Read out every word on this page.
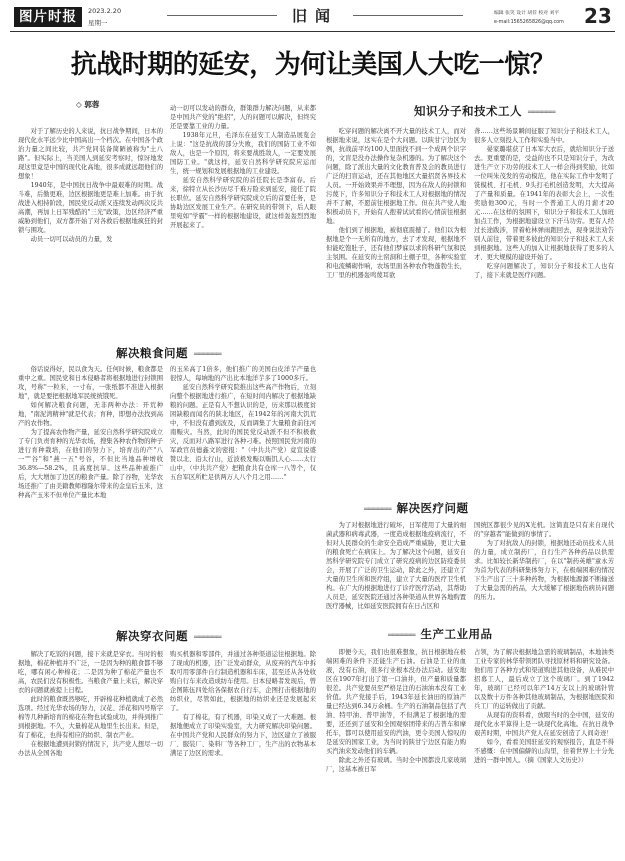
图片时报	2023.2.20
星期一	旧闻	编辑 张笑 设计 胡荐 校对 刘平
e-mail:1565265826@qq.com 23
抗战时期的延安，为何让美国人大吃一惊？
◇ 郭蓉

对于了解历史的人来说，抗日战争期间，日本的现代化水平远少比中国高出一个档次。在中国各个政治力量之间比较，共产党同装备简陋被称为"土八路"。但实际上，当美国人到延安考察时，惊讶地发现这里竟是中国的现代化高地，很多成就远超他们的想象！

1940年，是中国抗日战争中最艰难的时期。战斗难，后勤更难，边区根据地更是难上加难。由于抗战进入相持阶段，国民党反动派又连续发动两次反共高潮，再加上日军残酷的"三光"政策，边区经济严重威胁到他们，双方都开始了对各救后根据地疯狂的封锁与围攻。

动员一切可以动员的力量，发

动一切可以发动的群众，群策群力解决问题，从来都是中国共产党的"绝招"，人的问题可以解决，但终究还是要靠工业的力量。

1938年元旦，毛泽东在延安工人制造品展览会上说："这是抗战的部分失败，我们的国防工业不如敌人，也是一个原因，将来要战胜敌人，一定要发展国防工业。"就这样，延安自然科学研究院应运而生，统一规划和发展根据地的工业建设。

延安自然科学研究院的首任院长是李富春。后来，徐特立从长沙历尽千难万险来到延安，接任了院长职位。延安自然科学研究院成立后的首要任务，是协助边区发展工业生产。在研究员的带领下，后人眼里宛如"学霸"一样的根据地建设，就这样轰轰烈烈地开展起来了。

解决粮食问题 ══════

俗话说得好，民以食为天。任何时候，粮食都是重中之重。国民党和日本侵略者将根据地进行封锁围攻，号称"一粒米，一寸布，一张纸都不准进入根据地"，就是要把根据地军民统统饿死。

如何解决粮食问题，无非两种办法：开荒种地，"南泥湾精神"就是代表；育种，即想办法找到高产的农作物。

为了提高农作物产量，延安自然科学研究院成立了专门负责育种的光华农场，搜集各种农作物的种子进行育种栽培，在他们的努力下，培育出的产"八一""谷"和"燕一五"号谷，不但比当地品种增收36.8%—58.2%，且高度抗旱。这些品种被推广后，大大增加了边区的粮食产量。除了谷物，光华农场还推广了由美籍教师穆隆尔带来的金皇后玉米，这种高产玉米不但单位产量比本地

的玉米高了1倍多，他们推广的美国白皮洋芋产量也很惊人，每垧地的产出比本地洋芋多了1000多斤。

延安自然科学研究院推出这些高产作物后，立刻向整个根据地进行推广，在短时间内解决了根据地缺粮的问题。正是有人不想认识的是，历来那以极度贫困缺粮而闻名的陕北地区，在1942年的河南大饥荒中，不但没有遭到波及，反而调集了大量粮食前往河南赈灾。当然，此时的国民党反动派不但不积极救灾，反而对八路军进行各种刁难。按照国民党河南的军政官员德鑫文的密报："（中共共产党）竟宣说盛赞以北、沿太行山，近波极发赈以赈饥人心……太行山中，（中共共产党）把粮食共有仓库一八等个，仅五台军区所贮足供两万人八个月之用……"

解决穿衣问题 ══════

解决了吃饭的问题，接下来就是穿衣。当时的根据地，棉花种植并不广泛，一是因为种的粮食都不够吃，哪有闲心种棉花；二是因为种了棉花产量也不高，农民们没有积极性。当粮食产量上来后，解决穿衣的问题就被提上日程。

此时的粮食既然够吃，开辟棉花种植就成了必然选项。经过光华农场的努力，汉花、洋花和四号斯字棉等几种新培育的棉花在物也试验成功，并得到推广到根据地。不久，大量棉花从地里生长出来。但是，有了棉花，也得有相应的纺织、制衣产业。

在根据地遭到封锁的情况下，共产党人想尽一切办法从全国各地

购买机器和零部件，并通过各种渠道运往根据地。除了现成的机器，还广泛发动群众，从废弃的汽车中拆取可用零部件自行制造机器和车床，甚至还从各处收购自行车来改造成纺车使用。日本侵略者发现后，曾企图陈伍四处给各保据农自行车，企图打击根据地的纺织业，尽管如此，根据地的纺织业还是发展起来了。

有了棉花，有了机器，印染又成了一大难题。根据地便成立了印染实验室，大力研究解决印染问题。在中国共产党和人民群众的努力下，边区建立了被服厂、服装厂、染料厂等各种工厂，生产出的衣物基本满足了边区的需求。

知识分子和技术工人 ══════

吃穿问题的解决离不开大量的技术工人，而对根据地来说，这实在是个大问题。以陕甘宁边区为例，抗战前平均100人里面找不到一个成两个识字的，文盲是没办法操作复杂机器的。为了解决这个问题，除了派出大量的文化教育普及会的教员进行广泛的扫盲运动，还在其他地区大量招贤各界技术人员。一开始效果并不理想，因为在敌人的封锁和污蔑下，许多知识分子和技术工人对根据地的情况并不了解，不愿前往根据地工作。但在共产党人地积极动员下，开始有人抱着试试看的心情前往根据地。

他们到了根据地，被彻底震撼了。他们以为根据地是个一无所有的地方，去了才发现，根据地不但能吃饱肚子，还有他们梦寐以求的科研气氛和民主氛围。在延安的土窑洞和土棚子里，各种实验室和电流鳞砌作响，农场里面各种农作物蓬勃生长，工厂里的机器轰鸣蔑耳欲

聋……这些场景瞬间征服了知识分子和技术工人，很多人立刻投入工作和实验当中。

晏家璐堪获了日本军大衣后，就给知识分子送去。更重要的是，受益的也不只是知识分子，为改进生产立下功劳的技术工人一样会得到奖励，比如一位叫朱茂发的劳动模范，他在实际工作中发明了铣模机、打毛机、9头打毛机创造发明，大大提高了产量和质量。在1941年的表彰大会上，一次性奖励他300元，当时一个普通工人的月薪才20元……在这样的氛围下，知识分子和技术工人加班加点工作，为根据地建设立下汗马功劳。更有人经过长途跋涉，冒着枪林弹雨跑回去，现身说法劝告别人前往，带着更多彼此的知识分子和技术工人来到根据地。这些人的加入让根据地获得了更多的人才、更大规模的建设开始了。

吃穿问题解决了，知识分子和技术工人也有了，接下来就是医疗问题。

══════ 解决医疗问题

为了对根据地进行破坏，日军使用了大量的细菌武器和病毒武器，一度造成根据地疫病流行，不但对人民群众的生命安全造成严重威胁，更让大量的粮食死亡在病床上。为了解决这个问题，延安自然科学研究院专门成立了研究疫病的边区防疫委员会，开展了广泛的卫生运动，除此之外，还建立了大量的卫生所和医疗组，建立了大量的医疗卫生机构。在广大的根据地进行了诊疗医疗活动，其帮助人员是，延安医院还通过各种渠道从世界各地购置医疗器械，比如延安医院拥有在日占区和

国统区都很少见的X光机。这简直是只有来自现代的"穿越者"能做到的事情了。

为了对抗敌人的封锁，根据地还动员技术人员的力量，成立制药厂，自行生产各种药品以供需求。比如较长新华制药厂，在以"制药英雄"童永芳为首为代表的科研集体努力下，在极端困难的情况下生产出了三十多种药物，为根据地源源不断输送了大量急需的药品，大大缓解了根据地伤病员问题的压力。

══════ 生产工业用品

即便今天，我们也很难想象，抗日根据地在极端困难的条件下还能生产石油。石油是工业的血液，没有石油，很多行业根本没办法启动。延安地区在1907年打出了第一口油井，但产量和质量都很差。共产党要员至严格足注的石油油本没有工业价值。共产党接手后，1943年延长油田的原油产量已经达到6.34万余桶。生产的石油制品包括了汽油、特甲油、普甲油等，不但满足了根据地的需要，还还到了延安和全国观察团带来的吉普车和摩托车，都可以使用延安的汽油，更令美国人惊叹的是延安的国家工业，为当时的陕甘宁边区有能力购买汽油来发动他们的车辆。

除此之外还有玻璃。当时全中国都没几家玻璃厂，这基本被日军

占领，为了解决根据地急需的玻璃制品，本地油类工业专家的林华带领团队寻找原材料和研究设备。他们用了各种方式和渠道购进其他设备，从难民中招募工人，最后成立了这个玻璃厂。到了1942年，玻璃厂已经可以年产14万支以上的玻璃针管以及数十万件各种其他玻璃制品，为根据地医院和兵工厂的运转做出了贡献。

从现有的资料看，放眼当时的全中国，延安的现代化水平算得上是一块现代化高地。在抗日战争艰苦时期，中国共产党人在延安创造了人间奇迹！

如今，看看美国驻延安的观察报告，直是不得不感慨：在中国偏僻的山沟里，住着世界上十分先进的一群中国人。（摘《国家人文历史》）
